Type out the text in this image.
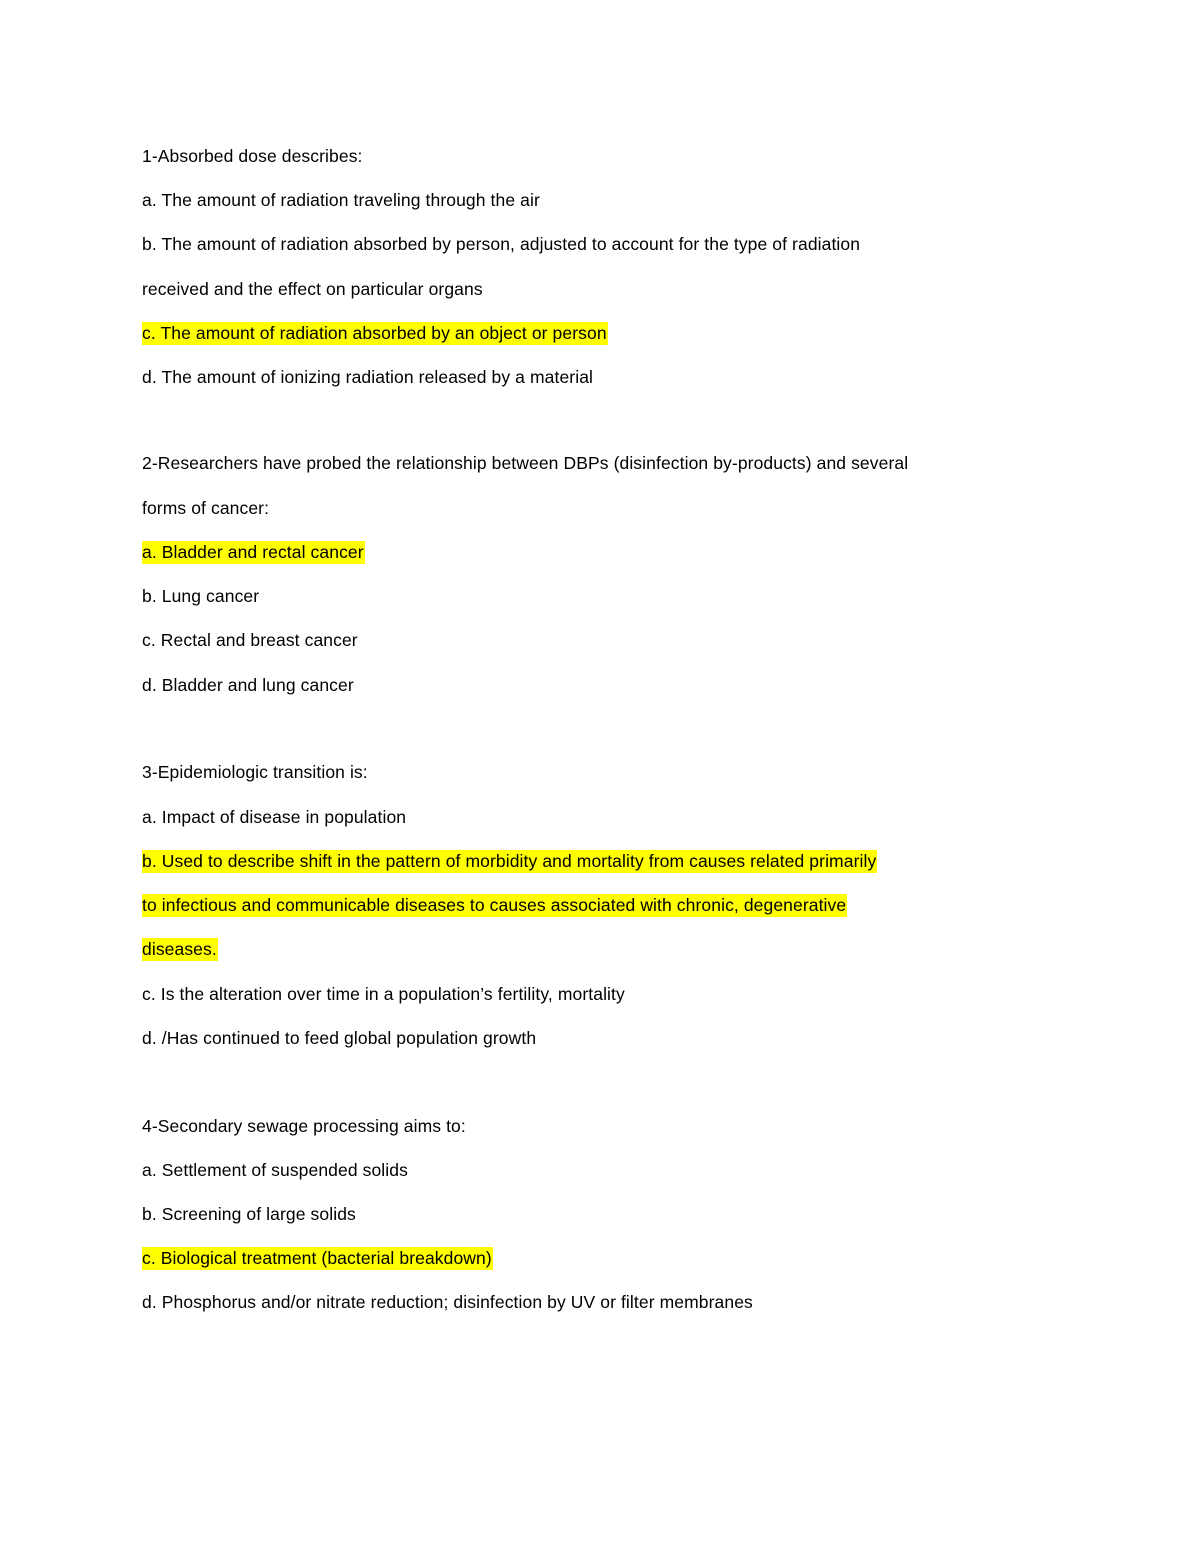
1-Absorbed dose describes:
a. The amount of radiation traveling through the air
b. The amount of radiation absorbed by person, adjusted to account for the type of radiation
received and the effect on particular organs
c. The amount of radiation absorbed by an object or person
d. The amount of ionizing radiation released by a material
2-Researchers have probed the relationship between DBPs (disinfection by-products) and several
forms of cancer:
a. Bladder and rectal cancer
b. Lung cancer
c. Rectal and breast cancer
d. Bladder and lung cancer
3-Epidemiologic transition is:
a. Impact of disease in population
b. Used to describe shift in the pattern of morbidity and mortality from causes related primarily
to infectious and communicable diseases to causes associated with chronic, degenerative
diseases.
c. Is the alteration over time in a population’s fertility, mortality
d. /Has continued to feed global population growth
4-Secondary sewage processing aims to:
a. Settlement of suspended solids
b. Screening of large solids
c. Biological treatment (bacterial breakdown)
d. Phosphorus and/or nitrate reduction; disinfection by UV or filter membranes
